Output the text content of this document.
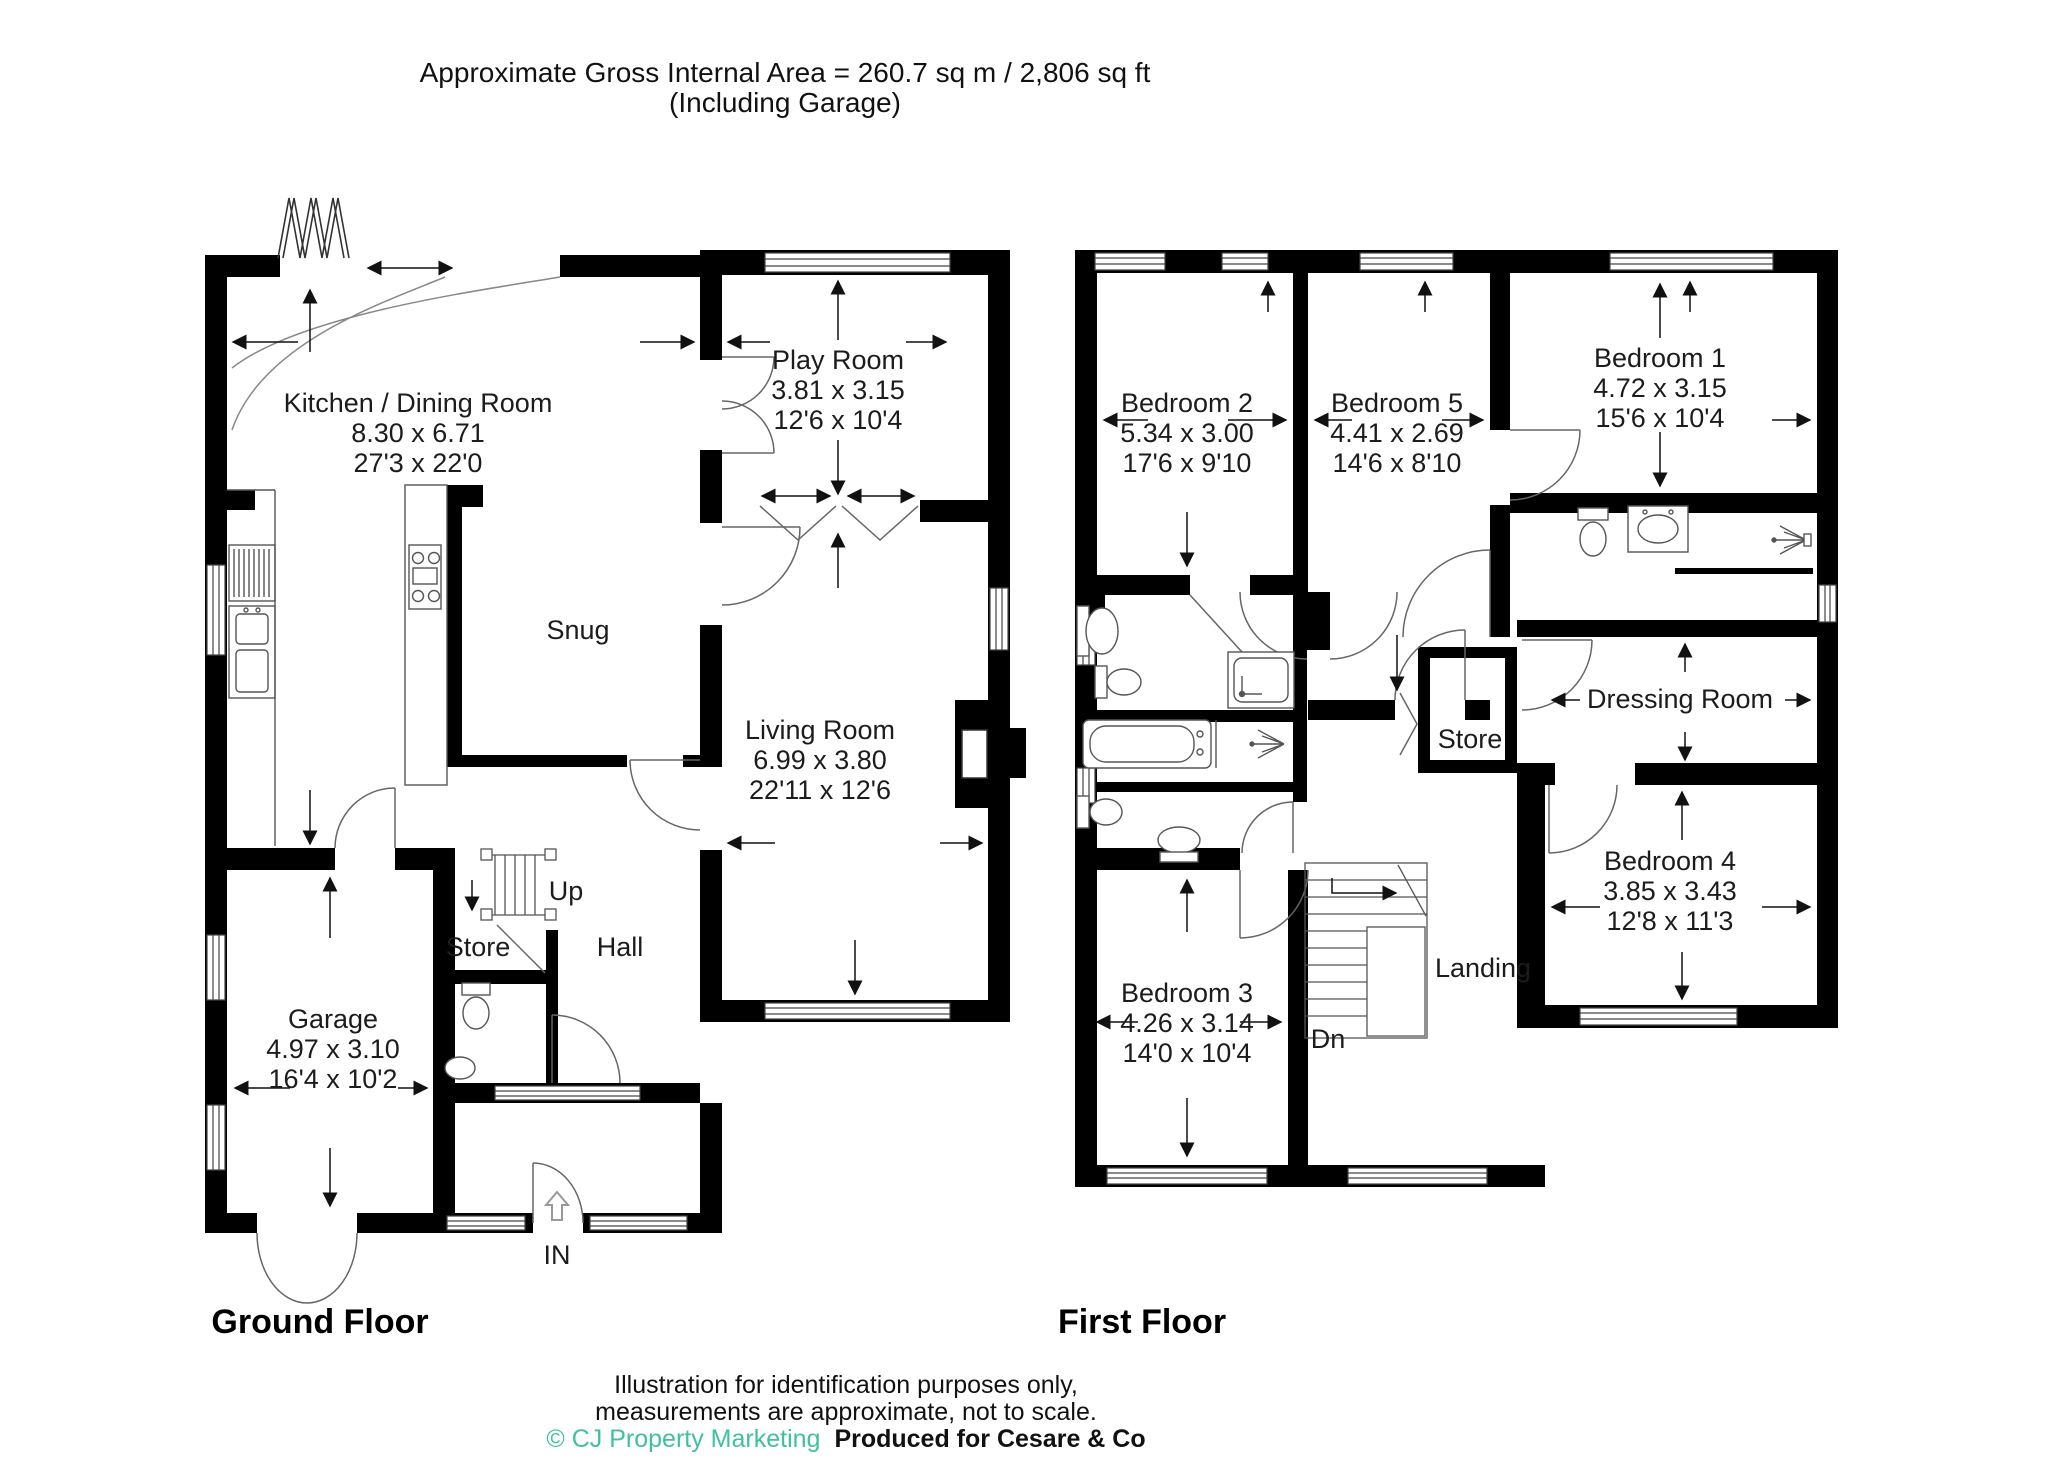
Approximate Gross Internal Area = 260.7 sq m / 2,806 sq ft
(Including Garage)
Kitchen / Dining Room
8.30 x 6.71
27'3 x 22'0
Play Room
3.81 x 3.15
12'6 x 10'4
Snug
Living Room
6.99 x 3.80
22'11 x 12'6
Garage
4.97 x 3.10
16'4 x 10'2
Store
Up
Hall
IN
Bedroom 2
5.34 x 3.00
17'6 x 9'10
Bedroom 5
4.41 x 2.69
14'6 x 8'10
Bedroom 1
4.72 x 3.15
15'6 x 10'4
Dressing Room
Store
Bedroom 4
3.85 x 3.43
12'8 x 11'3
Bedroom 3
4.26 x 3.14
14'0 x 10'4
Landing
Dn
Ground Floor	First Floor
Illustration for identification purposes only,
measurements are approximate, not to scale.
© CJ Property Marketing Produced for Cesare & Co
